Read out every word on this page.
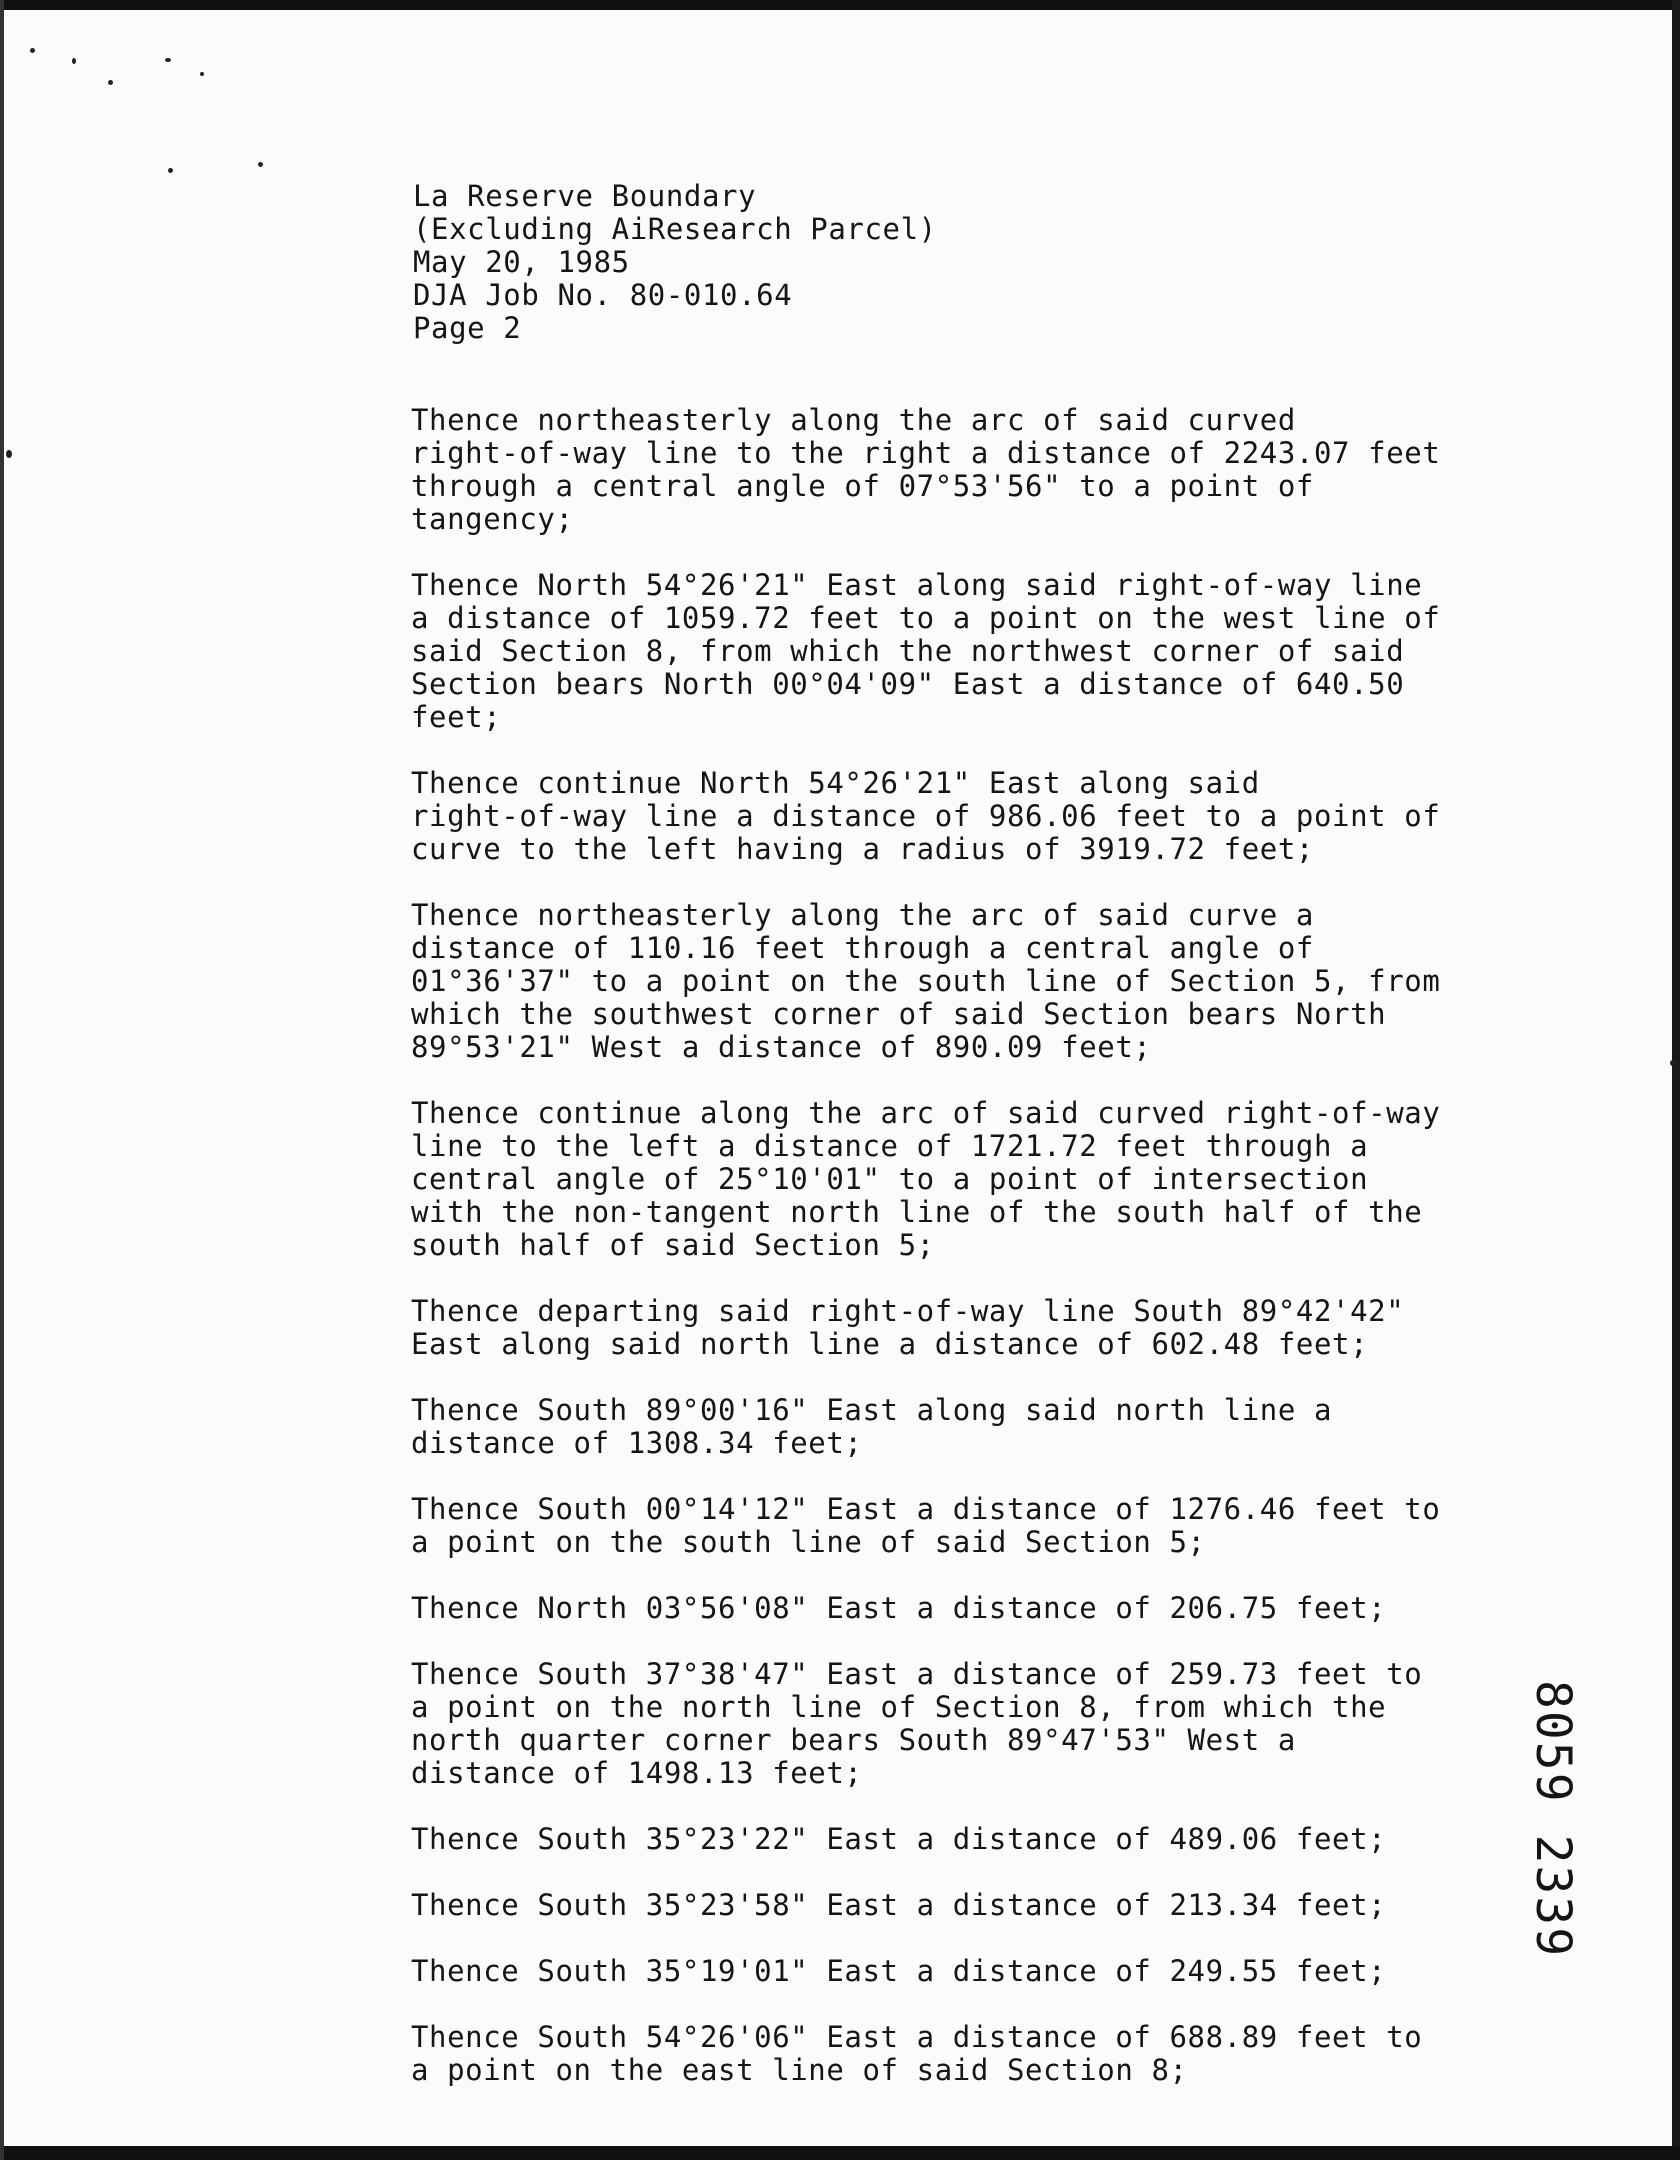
La Reserve Boundary
(Excluding AiResearch Parcel)
May 20, 1985
DJA Job No. 80-010.64
Page 2
Thence northeasterly along the arc of said curved
right-of-way line to the right a distance of 2243.07 feet
through a central angle of 07°53'56" to a point of
tangency;
Thence North 54°26'21" East along said right-of-way line
a distance of 1059.72 feet to a point on the west line of
said Section 8, from which the northwest corner of said
Section bears North 00°04'09" East a distance of 640.50
feet;
Thence continue North 54°26'21" East along said
right-of-way line a distance of 986.06 feet to a point of
curve to the left having a radius of 3919.72 feet;
Thence northeasterly along the arc of said curve a
distance of 110.16 feet through a central angle of
01°36'37" to a point on the south line of Section 5, from
which the southwest corner of said Section bears North
89°53'21" West a distance of 890.09 feet;
Thence continue along the arc of said curved right-of-way
line to the left a distance of 1721.72 feet through a
central angle of 25°10'01" to a point of intersection
with the non-tangent north line of the south half of the
south half of said Section 5;
Thence departing said right-of-way line South 89°42'42"
East along said north line a distance of 602.48 feet;
Thence South 89°00'16" East along said north line a
distance of 1308.34 feet;
Thence South 00°14'12" East a distance of 1276.46 feet to
a point on the south line of said Section 5;
Thence North 03°56'08" East a distance of 206.75 feet;
Thence South 37°38'47" East a distance of 259.73 feet to
a point on the north line of Section 8, from which the
north quarter corner bears South 89°47'53" West a
distance of 1498.13 feet;
Thence South 35°23'22" East a distance of 489.06 feet;
Thence South 35°23'58" East a distance of 213.34 feet;
Thence South 35°19'01" East a distance of 249.55 feet;
Thence South 54°26'06" East a distance of 688.89 feet to
a point on the east line of said Section 8;
8059 2339
